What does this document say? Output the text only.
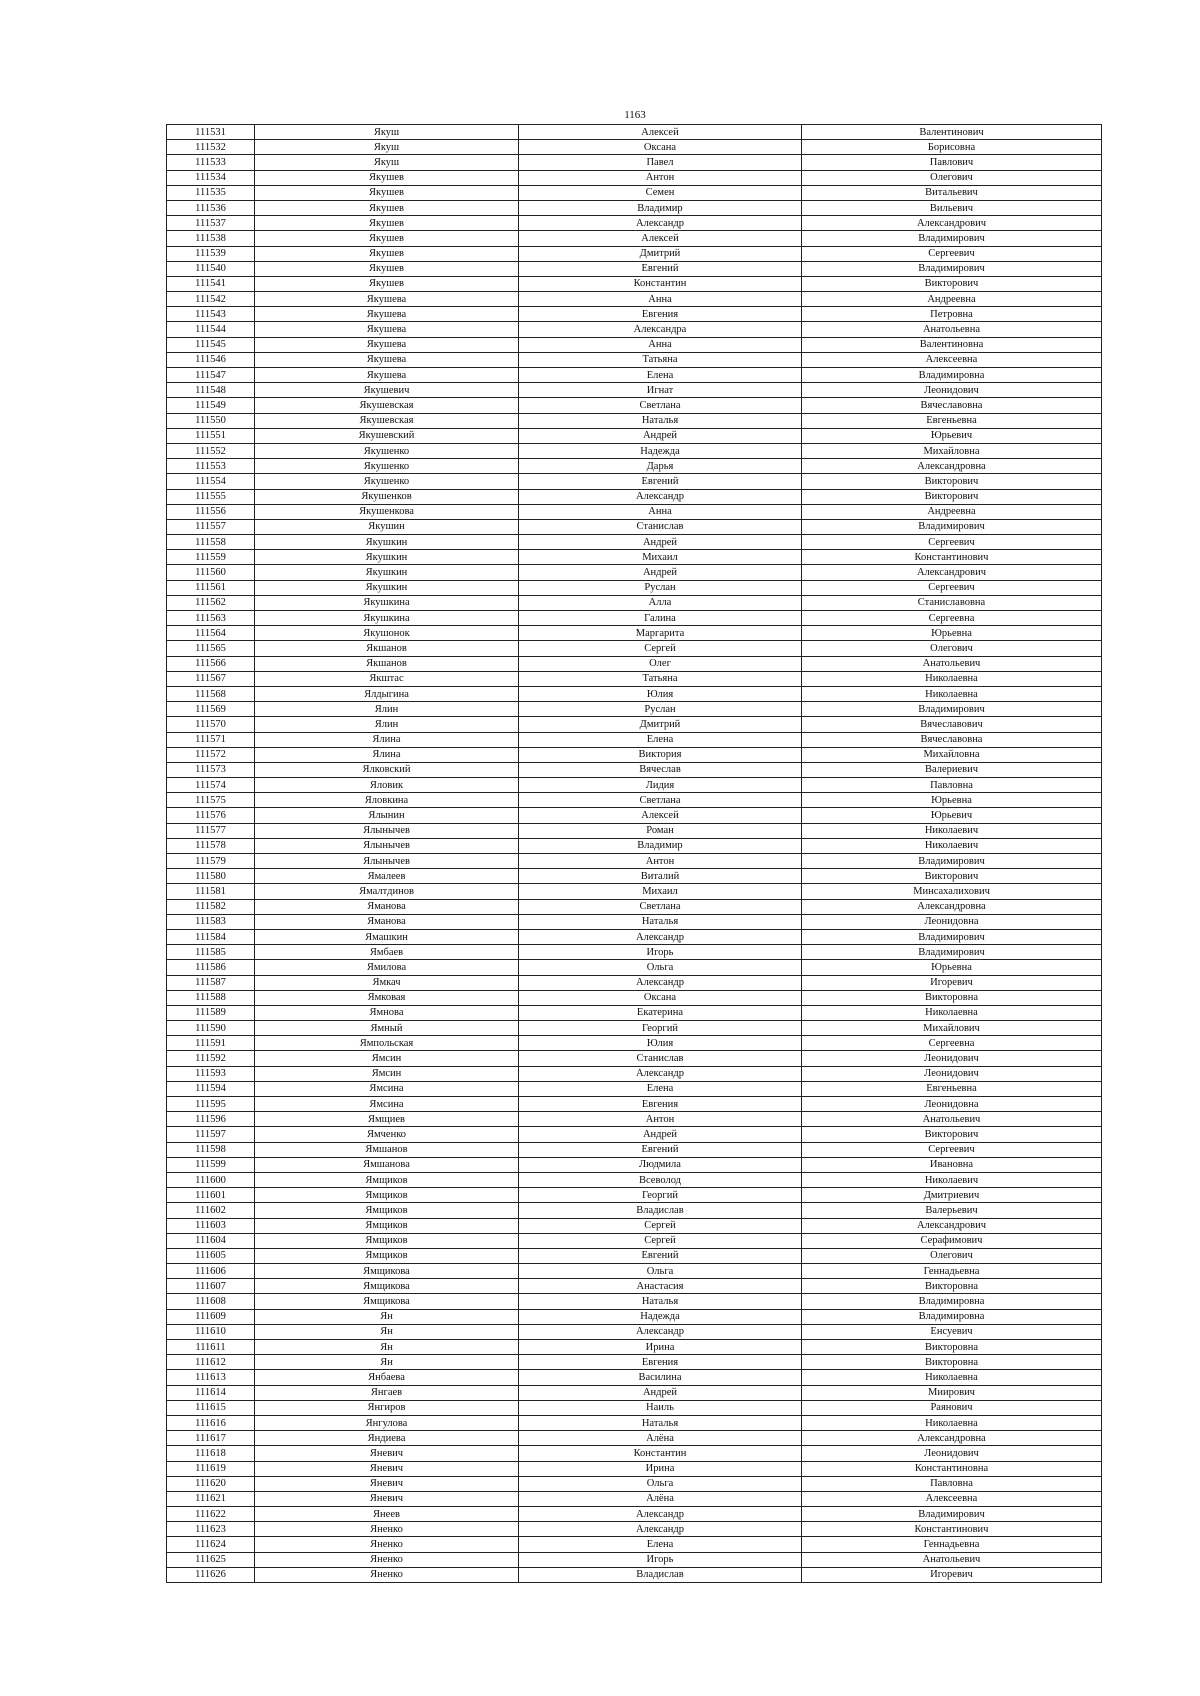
1163
111531	Якуш	Алексей	Валентинович
111532	Якуш	Оксана	Борисовна
111533	Якуш	Павел	Павлович
111534	Якушев	Антон	Олегович
111535	Якушев	Семен	Витальевич
111536	Якушев	Владимир	Вильевич
111537	Якушев	Александр	Александрович
111538	Якушев	Алексей	Владимирович
111539	Якушев	Дмитрий	Сергеевич
111540	Якушев	Евгений	Владимирович
111541	Якушев	Константин	Викторович
111542	Якушева	Анна	Андреевна
111543	Якушева	Евгения	Петровна
111544	Якушева	Александра	Анатольевна
111545	Якушева	Анна	Валентиновна
111546	Якушева	Татьяна	Алексеевна
111547	Якушева	Елена	Владимировна
111548	Якушевич	Игнат	Леонидович
111549	Якушевская	Светлана	Вячеславовна
111550	Якушевская	Наталья	Евгеньевна
111551	Якушевский	Андрей	Юрьевич
111552	Якушенко	Надежда	Михайловна
111553	Якушенко	Дарья	Александровна
111554	Якушенко	Евгений	Викторович
111555	Якушенков	Александр	Викторович
111556	Якушенкова	Анна	Андреевна
111557	Якушин	Станислав	Владимирович
111558	Якушкин	Андрей	Сергеевич
111559	Якушкин	Михаил	Константинович
111560	Якушкин	Андрей	Александрович
111561	Якушкин	Руслан	Сергеевич
111562	Якушкина	Алла	Станиславовна
111563	Якушкина	Галина	Сергеевна
111564	Якушонок	Маргарита	Юрьевна
111565	Якшанов	Сергей	Олегович
111566	Якшанов	Олег	Анатольевич
111567	Якштас	Татьяна	Николаевна
111568	Ялдыгина	Юлия	Николаевна
111569	Ялин	Руслан	Владимирович
111570	Ялин	Дмитрий	Вячеславович
111571	Ялина	Елена	Вячеславовна
111572	Ялина	Виктория	Михайловна
111573	Ялковский	Вячеслав	Валериевич
111574	Яловик	Лидия	Павловна
111575	Яловкина	Светлана	Юрьевна
111576	Ялынин	Алексей	Юрьевич
111577	Ялынычев	Роман	Николаевич
111578	Ялынычев	Владимир	Николаевич
111579	Ялынычев	Антон	Владимирович
111580	Ямалеев	Виталий	Викторович
111581	Ямалтдинов	Михаил	Минсахалихович
111582	Яманова	Светлана	Александровна
111583	Яманова	Наталья	Леонидовна
111584	Ямашкин	Александр	Владимирович
111585	Ямбаев	Игорь	Владимирович
111586	Ямилова	Ольга	Юрьевна
111587	Ямкач	Александр	Игоревич
111588	Ямковая	Оксана	Викторовна
111589	Ямнова	Екатерина	Николаевна
111590	Ямный	Георгий	Михайлович
111591	Ямпольская	Юлия	Сергеевна
111592	Ямсин	Станислав	Леонидович
111593	Ямсин	Александр	Леонидович
111594	Ямсина	Елена	Евгеньевна
111595	Ямсина	Евгения	Леонидовна
111596	Ямщиев	Антон	Анатольевич
111597	Ямченко	Андрей	Викторович
111598	Ямшанов	Евгений	Сергеевич
111599	Ямшанова	Людмила	Ивановна
111600	Ямщиков	Всеволод	Николаевич
111601	Ямщиков	Георгий	Дмитриевич
111602	Ямщиков	Владислав	Валерьевич
111603	Ямщиков	Сергей	Александрович
111604	Ямщиков	Сергей	Серафимович
111605	Ямщиков	Евгений	Олегович
111606	Ямщикова	Ольга	Геннадьевна
111607	Ямщикова	Анастасия	Викторовна
111608	Ямщикова	Наталья	Владимировна
111609	Ян	Надежда	Владимировна
111610	Ян	Александр	Енсуевич
111611	Ян	Ирина	Викторовна
111612	Ян	Евгения	Викторовна
111613	Янбаева	Василина	Николаевна
111614	Янгаев	Андрей	Миирович
111615	Янгиров	Наиль	Раянович
111616	Янгулова	Наталья	Николаевна
111617	Яндиева	Алёна	Александровна
111618	Яневич	Константин	Леонидович
111619	Яневич	Ирина	Константиновна
111620	Яневич	Ольга	Павловна
111621	Яневич	Алёна	Алексеевна
111622	Янеев	Александр	Владимирович
111623	Яненко	Александр	Константинович
111624	Яненко	Елена	Геннадьевна
111625	Яненко	Игорь	Анатольевич
111626	Яненко	Владислав	Игоревич
